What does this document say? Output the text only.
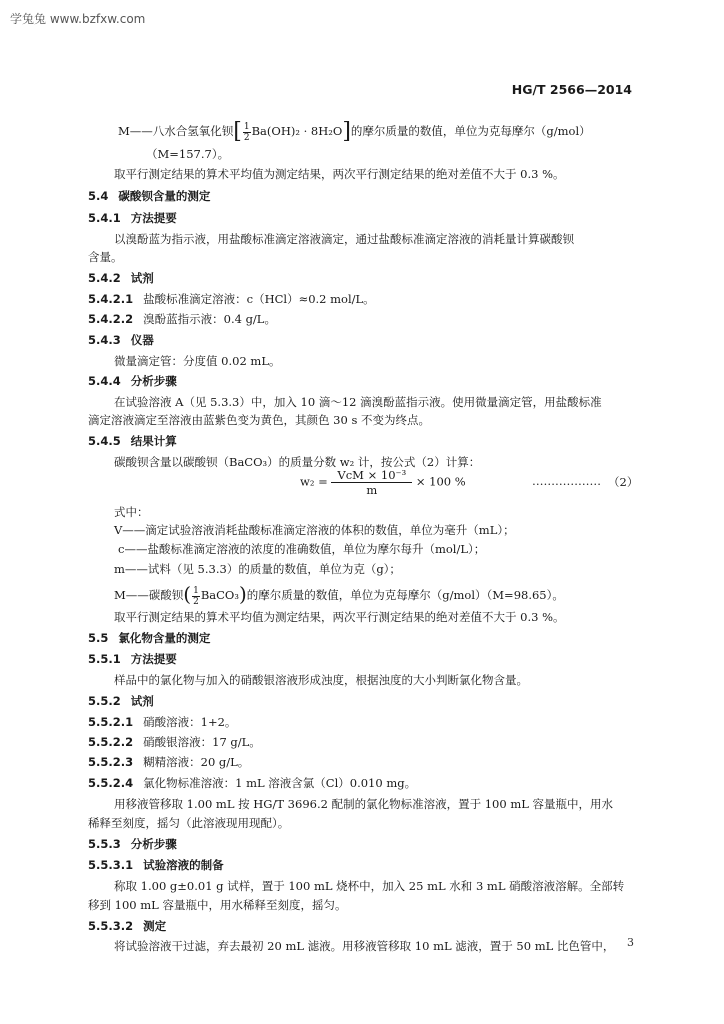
学兔兔 www.bzfxw.com
HG/T 2566—2014
M——八水合氢氧化钡[ $\frac{1}{2} Ba(OH)_2 \cdot 8H_2O$]的摩尔质量的数值，单位为克每摩尔（g/mol）
（M=157.7）。
取平行测定结果的算术平均值为测定结果，两次平行测定结果的绝对差值不大于 0.3 %。
5.4 碳酸钡含量的测定
5.4.1 方法提要
以溴酚蓝为指示液，用盐酸标准滴定溶液滴定，通过盐酸标准滴定溶液的消耗量计算碳酸钡
含量。
5.4.2 试剂
5.4.2.1 盐酸标准滴定溶液：c（HCl）≈0.2 mol/L。
5.4.2.2 溴酚蓝指示液：0.4 g/L。
5.4.3 仪器
微量滴定管：分度值 0.02 mL。
5.4.4 分析步骤
在试验溶液 A（见 5.3.3）中，加入 10 滴～12 滴溴酚蓝指示液。使用微量滴定管，用盐酸标准
滴定溶液滴定至溶液由蓝紫色变为黄色，其颜色 30 s 不变为终点。
5.4.5 结果计算
碳酸钡含量以碳酸钡（BaCO₃）的质量分数 w₂ 计，按公式（2）计算：
$w_2 = \frac{\text{VcM × 10⁻³}}{m} \times 100$ %	……………… （2）
式中：
V——滴定试验溶液消耗盐酸标准滴定溶液的体积的数值，单位为毫升（mL）；
c——盐酸标准滴定溶液的浓度的准确数值，单位为摩尔每升（mol/L）；
m——试料（见 5.3.3）的质量的数值，单位为克（g）；
M——碳酸钡( $\frac{1}{2}$ BaCO₃)的摩尔质量的数值，单位为克每摩尔（g/mol）（M=98.65）。
取平行测定结果的算术平均值为测定结果，两次平行测定结果的绝对差值不大于 0.3 %。
5.5 氯化物含量的测定
5.5.1 方法提要
样品中的氯化物与加入的硝酸银溶液形成浊度，根据浊度的大小判断氯化物含量。
5.5.2 试剂
5.5.2.1 硝酸溶液：1+2。
5.5.2.2 硝酸银溶液：17 g/L。
5.5.2.3 糊精溶液：20 g/L。
5.5.2.4 氯化物标准溶液：1 mL 溶液含氯（Cl）0.010 mg。
用移液管移取 1.00 mL 按 HG/T 3696.2 配制的氯化物标准溶液，置于 100 mL 容量瓶中，用水
稀释至刻度，摇匀（此溶液现用现配）。
5.5.3 分析步骤
5.5.3.1 试验溶液的制备
称取 1.00 g±0.01 g 试样，置于 100 mL 烧杯中，加入 25 mL 水和 3 mL 硝酸溶液溶解。全部转
移到 100 mL 容量瓶中，用水稀释至刻度，摇匀。
5.5.3.2 测定
将试验溶液干过滤，弃去最初 20 mL 滤液。用移液管移取 10 mL 滤液，置于 50 mL 比色管中， 3
